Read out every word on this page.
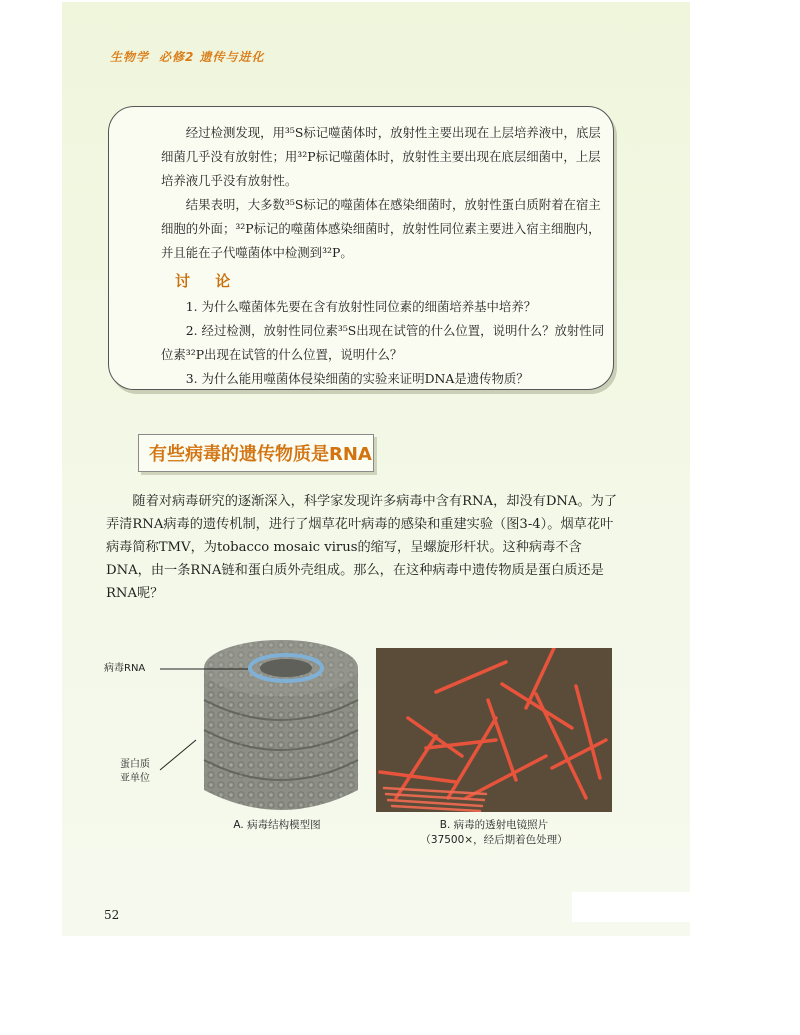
生物学 必修2 遗传与进化

经过检测发现，用³⁵S标记噬菌体时，放射性主要出现在上层培养液中，底层细菌几乎没有放射性；用³²P标记噬菌体时，放射性主要出现在底层细菌中，上层培养液几乎没有放射性。

结果表明，大多数³⁵S标记的噬菌体在感染细菌时，放射性蛋白质附着在宿主细胞的外面；³²P标记的噬菌体感染细菌时，放射性同位素主要进入宿主细胞内，并且能在子代噬菌体中检测到³²P。

讨 论

1. 为什么噬菌体先要在含有放射性同位素的细菌培养基中培养？

2. 经过检测，放射性同位素³⁵S出现在试管的什么位置，说明什么？放射性同位素³²P出现在试管的什么位置，说明什么？

3. 为什么能用噬菌体侵染细菌的实验来证明DNA是遗传物质？

有些病毒的遗传物质是RNA

随着对病毒研究的逐渐深入，科学家发现许多病毒中含有RNA，却没有DNA。为了弄清RNA病毒的遗传机制，进行了烟草花叶病毒的感染和重建实验（图3-4）。烟草花叶病毒简称TMV，为tobacco mosaic virus的缩写，呈螺旋形杆状。这种病毒不含DNA，由一条RNA链和蛋白质外壳组成。那么，在这种病毒中遗传物质是蛋白质还是RNA呢？

病毒RNA
蛋白质
亚单位
A. 病毒结构模型图	B. 病毒的透射电镜照片
（37500×，经后期着色处理）
52
